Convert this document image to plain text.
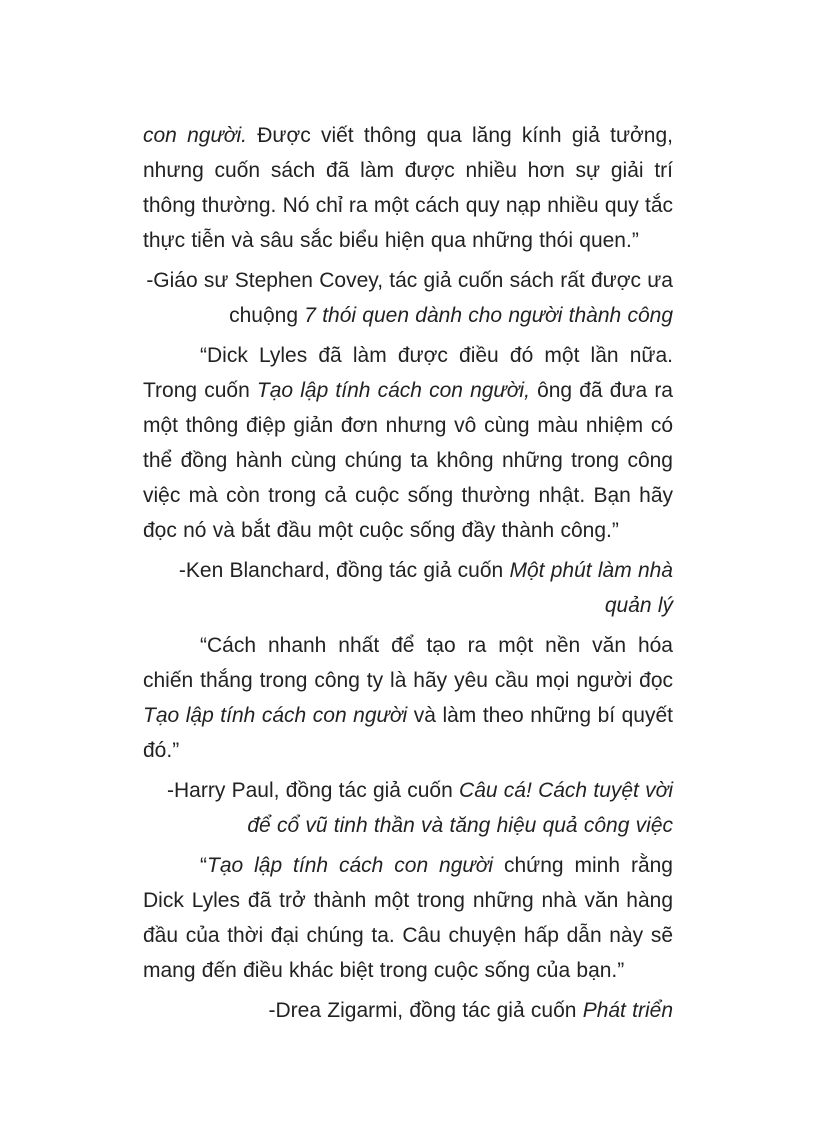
con người. Được viết thông qua lăng kính giả tưởng, nhưng cuốn sách đã làm được nhiều hơn sự giải trí thông thường. Nó chỉ ra một cách quy nạp nhiều quy tắc thực tiễn và sâu sắc biểu hiện qua những thói quen.”

-Giáo sư Stephen Covey, tác giả cuốn sách rất được ưa chuộng 7 thói quen dành cho người thành công

“Dick Lyles đã làm được điều đó một lần nữa. Trong cuốn Tạo lập tính cách con người, ông đã đưa ra một thông điệp giản đơn nhưng vô cùng màu nhiệm có thể đồng hành cùng chúng ta không những trong công việc mà còn trong cả cuộc sống thường nhật. Bạn hãy đọc nó và bắt đầu một cuộc sống đầy thành công.”

-Ken Blanchard, đồng tác giả cuốn Một phút làm nhà quản lý

“Cách nhanh nhất để tạo ra một nền văn hóa chiến thắng trong công ty là hãy yêu cầu mọi người đọc Tạo lập tính cách con người và làm theo những bí quyết đó.”

-Harry Paul, đồng tác giả cuốn Câu cá! Cách tuyệt vời để cổ vũ tinh thần và tăng hiệu quả công việc

“Tạo lập tính cách con người chứng minh rằng Dick Lyles đã trở thành một trong những nhà văn hàng đầu của thời đại chúng ta. Câu chuyện hấp dẫn này sẽ mang đến điều khác biệt trong cuộc sống của bạn.”

-Drea Zigarmi, đồng tác giả cuốn Phát triển
